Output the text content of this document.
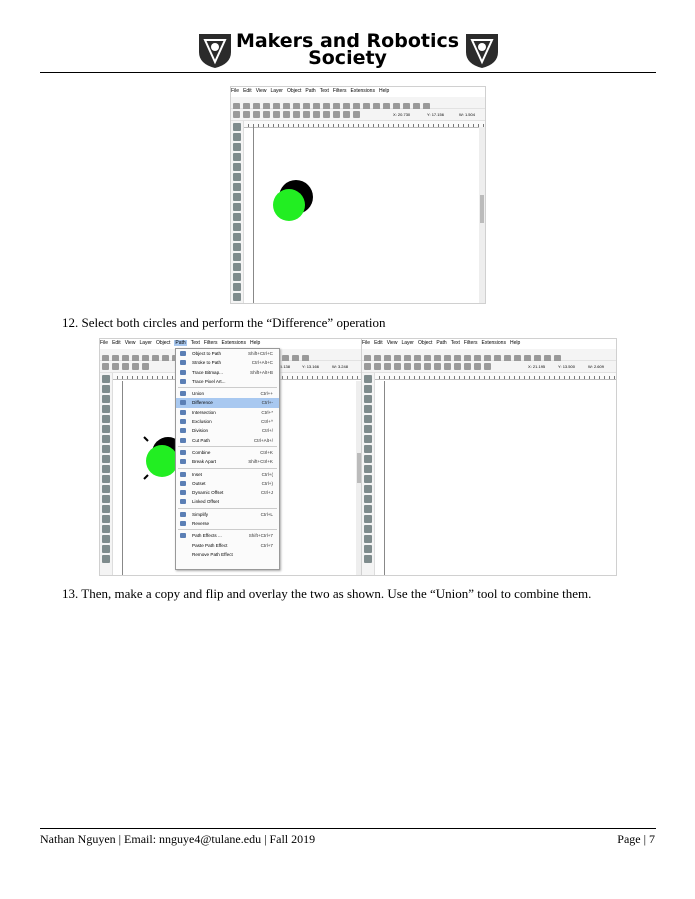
Makers and Robotics
Society
File Edit View Layer Object Path Text Filters Extensions Help
X: 20.730	Y: 17.156	W: 1.504
12. Select both circles and perform the “Difference” operation
File Edit View Layer Object Path Text Filters Extensions Help
5.138	Y: 13.166	W: 3.248
Object to Path	Shift+Ctrl+C
Stroke to Path	Ctrl+Alt+C
Trace Bitmap...	Shift+Alt+B
Trace Pixel Art...
Union	Ctrl++
Difference	Ctrl+-
Intersection	Ctrl+*
Exclusion	Ctrl+^
Division	Ctrl+/
Cut Path	Ctrl+Alt+/
Combine	Ctrl+K
Break Apart	Shift+Ctrl+K
Inset	Ctrl+(
Outset	Ctrl+)
Dynamic Offset	Ctrl+J
Linked Offset
Simplify	Ctrl+L
Reverse
Path Effects ...	Shift+Ctrl+7
Paste Path Effect	Ctrl+7
Remove Path Effect
File Edit View Layer Object Path Text Filters Extensions Help
X: 21.195	Y: 13.500	W: 2.609
13. Then, make a copy and flip and overlay the two as shown. Use the “Union” tool to combine them.
Nathan Nguyen | Email: nnguye4@tulane.edu | Fall 2019	Page | 7
